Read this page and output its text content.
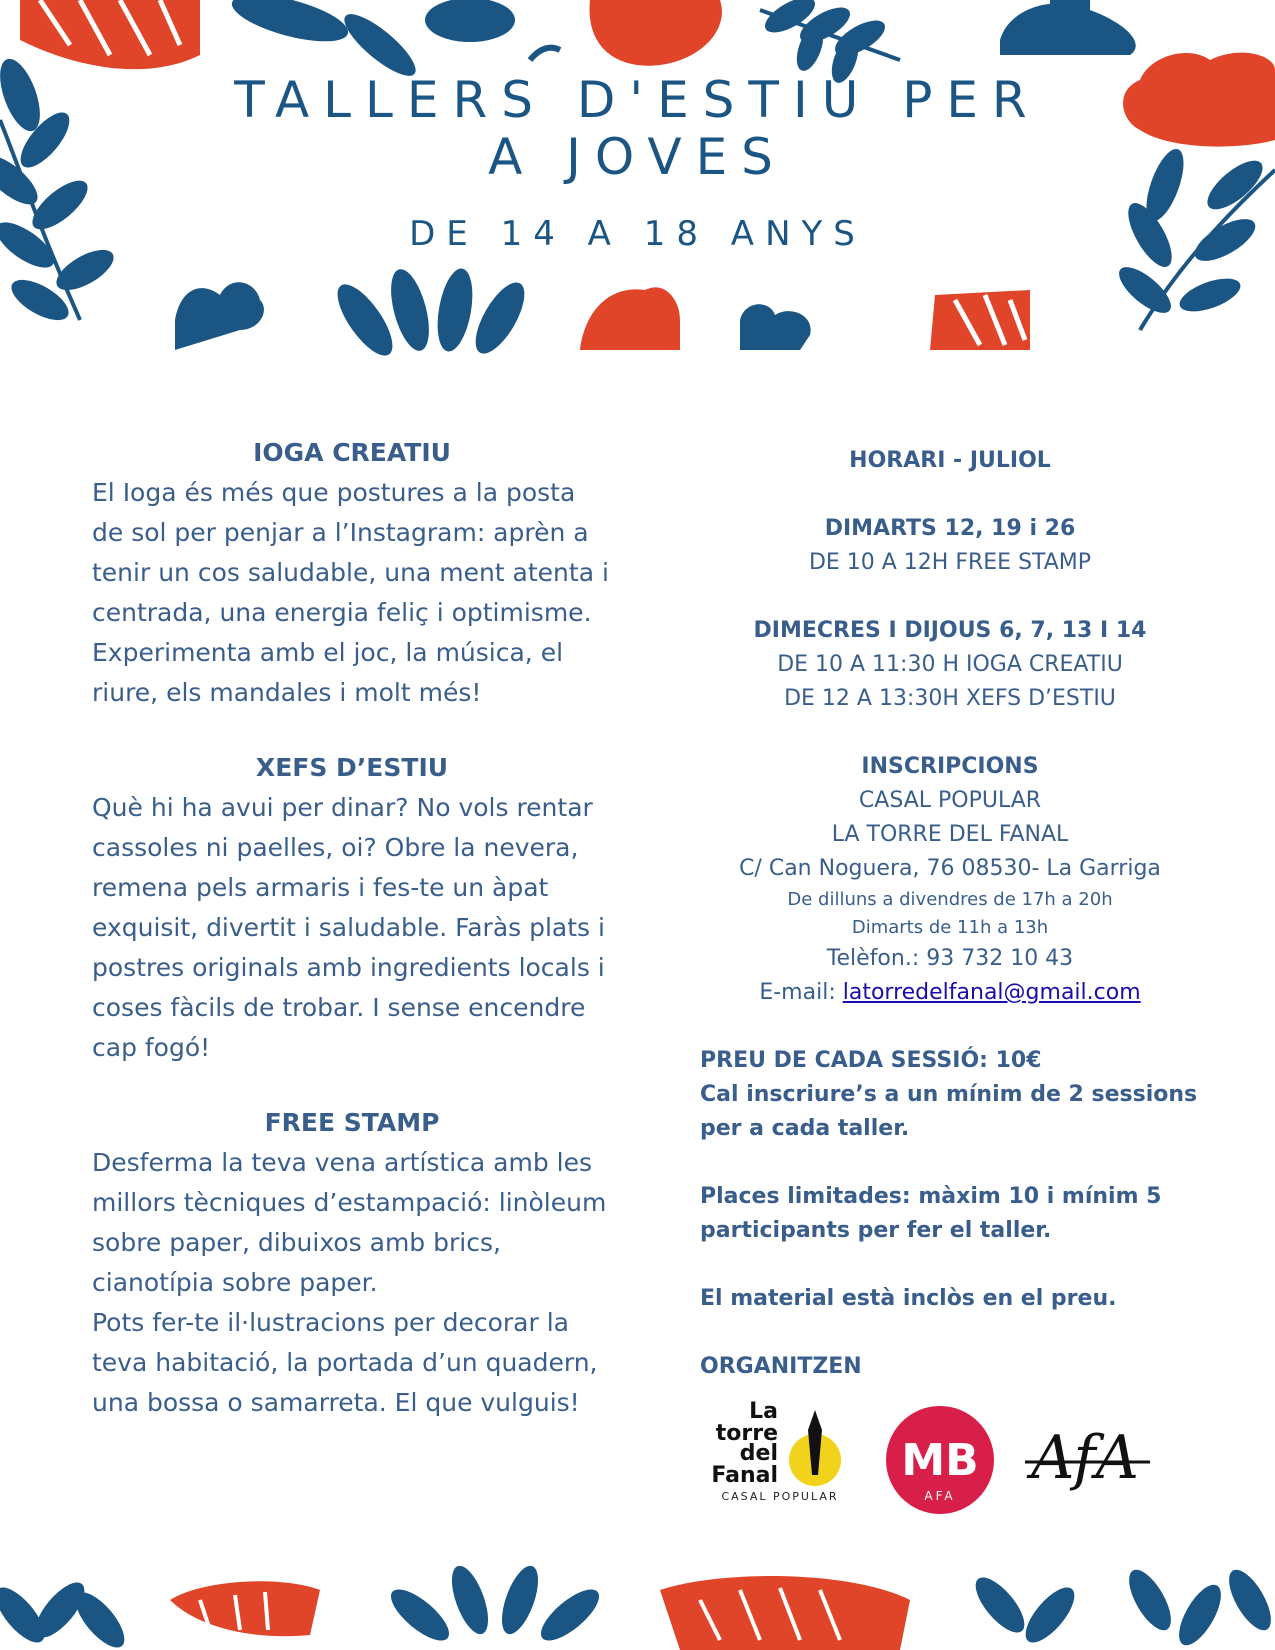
TALLERS D'ESTIU PER A JOVES
DE 14 A 18 ANYS
IOGA CREATIU

El Ioga és més que postures a la posta de sol per penjar a l’Instagram: aprèn a tenir un cos saludable, una ment atenta i centrada, una energia feliç i optimisme. Experimenta amb el joc, la música, el riure, els mandales i molt més!

XEFS D’ESTIU

Què hi ha avui per dinar? No vols rentar cassoles ni paelles, oi? Obre la nevera, remena pels armaris i fes-te un àpat exquisit, divertit i saludable. Faràs plats i postres originals amb ingredients locals i coses fàcils de trobar. I sense encendre cap fogó!

FREE STAMP

Desferma la teva vena artística amb les millors tècniques d’estampació: linòleum sobre paper, dibuixos amb brics, cianotípia sobre paper.

Pots fer-te il·lustracions per decorar la teva habitació, la portada d’un quadern, una bossa o samarreta. El que vulguis!

HORARI - JULIOL
DIMARTS 12, 19 i 26
DE 10 A 12H FREE STAMP
DIMECRES I DIJOUS 6, 7, 13 I 14
DE 10 A 11:30 H IOGA CREATIU
DE 12 A 13:30H XEFS D’ESTIU
INSCRIPCIONS
CASAL POPULAR
LA TORRE DEL FANAL
C/ Can Noguera, 76 08530- La Garriga
De dilluns a divendres de 17h a 20h
Dimarts de 11h a 13h
Telèfon.: 93 732 10 43
E-mail: latorredelfanal@gmail.com
PREU DE CADA SESSIÓ: 10€
Cal inscriure’s a un mínim de 2 sessions per a cada taller.
Places limitades: màxim 10 i mínim 5 participants per fer el taller.
El material està inclòs en el preu.
ORGANITZEN
La
torre
del
Fanal
CASAL POPULAR
MB
AFA
AfA
